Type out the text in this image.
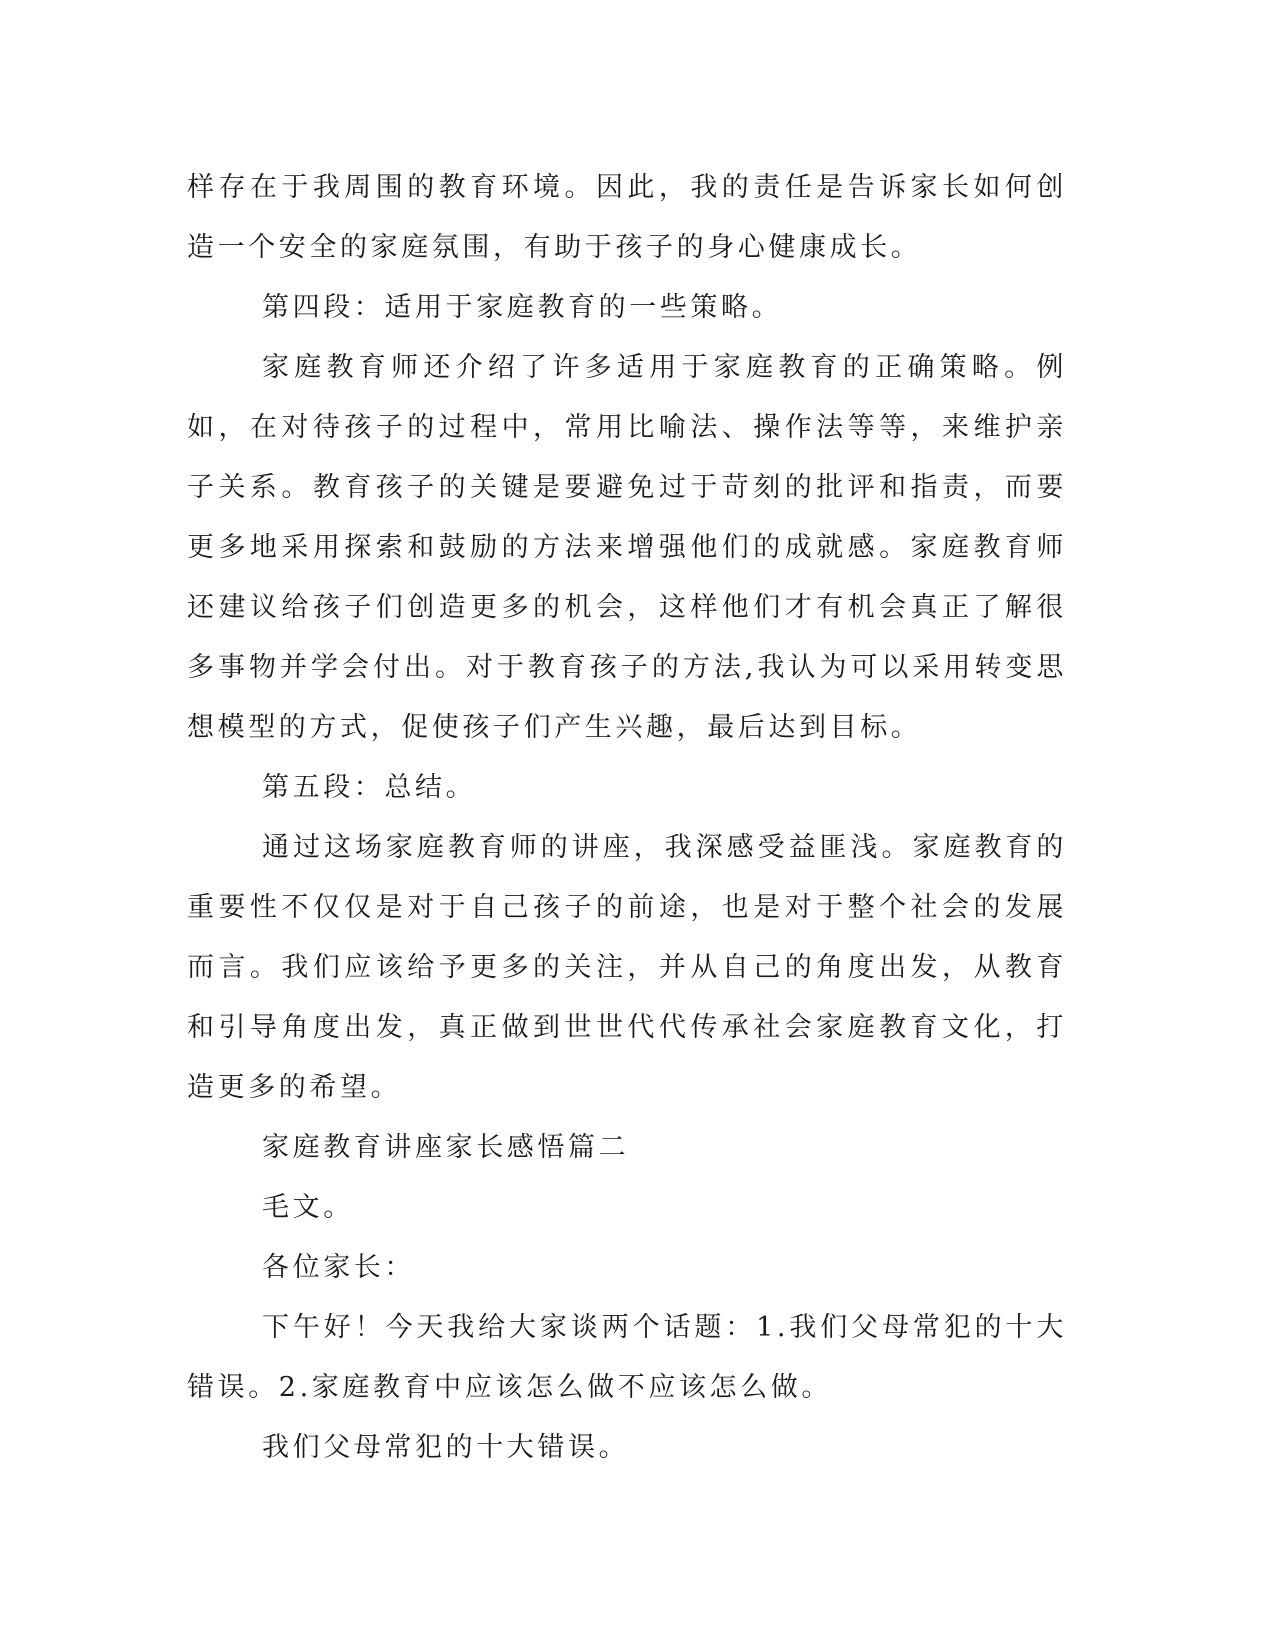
样存在于我周围的教育环境。因此，我的责任是告诉家长如何创造一个安全的家庭氛围，有助于孩子的身心健康成长。

第四段：适用于家庭教育的一些策略。

家庭教育师还介绍了许多适用于家庭教育的正确策略。例如，在对待孩子的过程中，常用比喻法、操作法等等，来维护亲子关系。教育孩子的关键是要避免过于苛刻的批评和指责，而要更多地采用探索和鼓励的方法来增强他们的成就感。家庭教育师还建议给孩子们创造更多的机会，这样他们才有机会真正了解很多事物并学会付出。对于教育孩子的方法,我认为可以采用转变思想模型的方式，促使孩子们产生兴趣，最后达到目标。

第五段：总结。

通过这场家庭教育师的讲座，我深感受益匪浅。家庭教育的重要性不仅仅是对于自己孩子的前途，也是对于整个社会的发展而言。我们应该给予更多的关注，并从自己的角度出发，从教育和引导角度出发，真正做到世世代代传承社会家庭教育文化，打造更多的希望。

家庭教育讲座家长感悟篇二

毛文。

各位家长：

下午好！今天我给大家谈两个话题：1.我们父母常犯的十大错误。2.家庭教育中应该怎么做不应该怎么做。

我们父母常犯的十大错误。
